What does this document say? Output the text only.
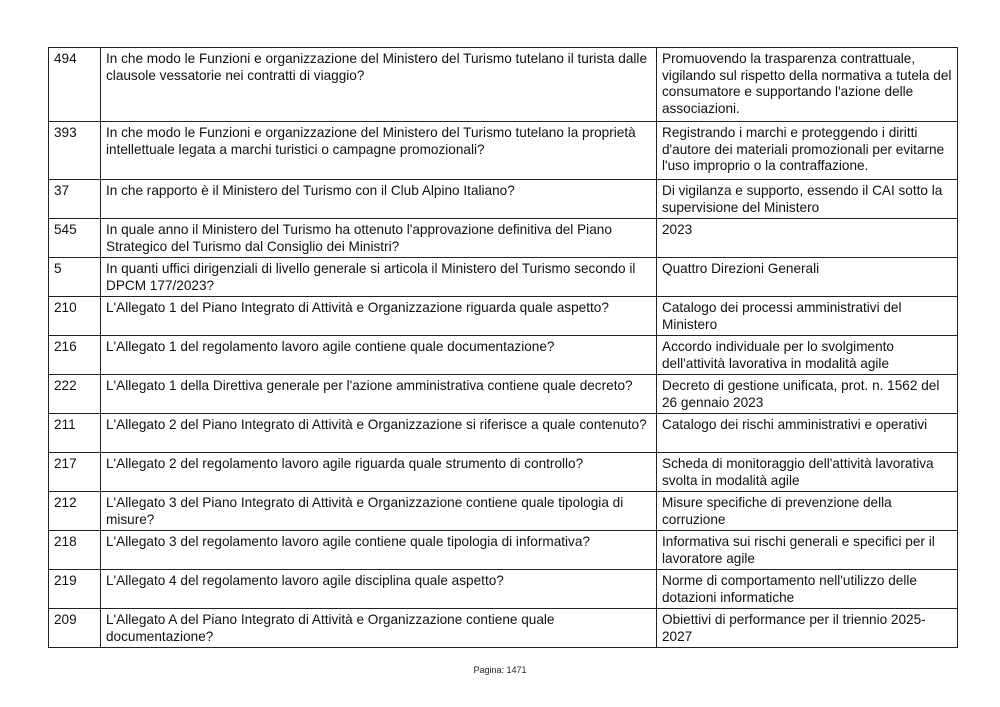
494	In che modo le Funzioni e organizzazione del Ministero del Turismo tutelano il turista dalle clausole vessatorie nei contratti di viaggio?	Promuovendo la trasparenza contrattuale, vigilando sul rispetto della normativa a tutela del consumatore e supportando l'azione delle associazioni.
393	In che modo le Funzioni e organizzazione del Ministero del Turismo tutelano la proprietà intellettuale legata a marchi turistici o campagne promozionali?	Registrando i marchi e proteggendo i diritti d'autore dei materiali promozionali per evitarne l'uso improprio o la contraffazione.
37	In che rapporto è il Ministero del Turismo con il Club Alpino Italiano?	Di vigilanza e supporto, essendo il CAI sotto la supervisione del Ministero
545	In quale anno il Ministero del Turismo ha ottenuto l'approvazione definitiva del Piano Strategico del Turismo dal Consiglio dei Ministri?	2023
5	In quanti uffici dirigenziali di livello generale si articola il Ministero del Turismo secondo il DPCM 177/2023?	Quattro Direzioni Generali
210	L'Allegato 1 del Piano Integrato di Attività e Organizzazione riguarda quale aspetto?	Catalogo dei processi amministrativi del Ministero
216	L'Allegato 1 del regolamento lavoro agile contiene quale documentazione?	Accordo individuale per lo svolgimento dell'attività lavorativa in modalità agile
222	L'Allegato 1 della Direttiva generale per l'azione amministrativa contiene quale decreto?	Decreto di gestione unificata, prot. n. 1562 del 26 gennaio 2023
211	L'Allegato 2 del Piano Integrato di Attività e Organizzazione si riferisce a quale contenuto?	Catalogo dei rischi amministrativi e operativi
217	L'Allegato 2 del regolamento lavoro agile riguarda quale strumento di controllo?	Scheda di monitoraggio dell'attività lavorativa svolta in modalità agile
212	L'Allegato 3 del Piano Integrato di Attività e Organizzazione contiene quale tipologia di misure?	Misure specifiche di prevenzione della corruzione
218	L'Allegato 3 del regolamento lavoro agile contiene quale tipologia di informativa?	Informativa sui rischi generali e specifici per il lavoratore agile
219	L'Allegato 4 del regolamento lavoro agile disciplina quale aspetto?	Norme di comportamento nell'utilizzo delle dotazioni informatiche
209	L'Allegato A del Piano Integrato di Attività e Organizzazione contiene quale documentazione?	Obiettivi di performance per il triennio 2025-2027
Pagina: 1471
